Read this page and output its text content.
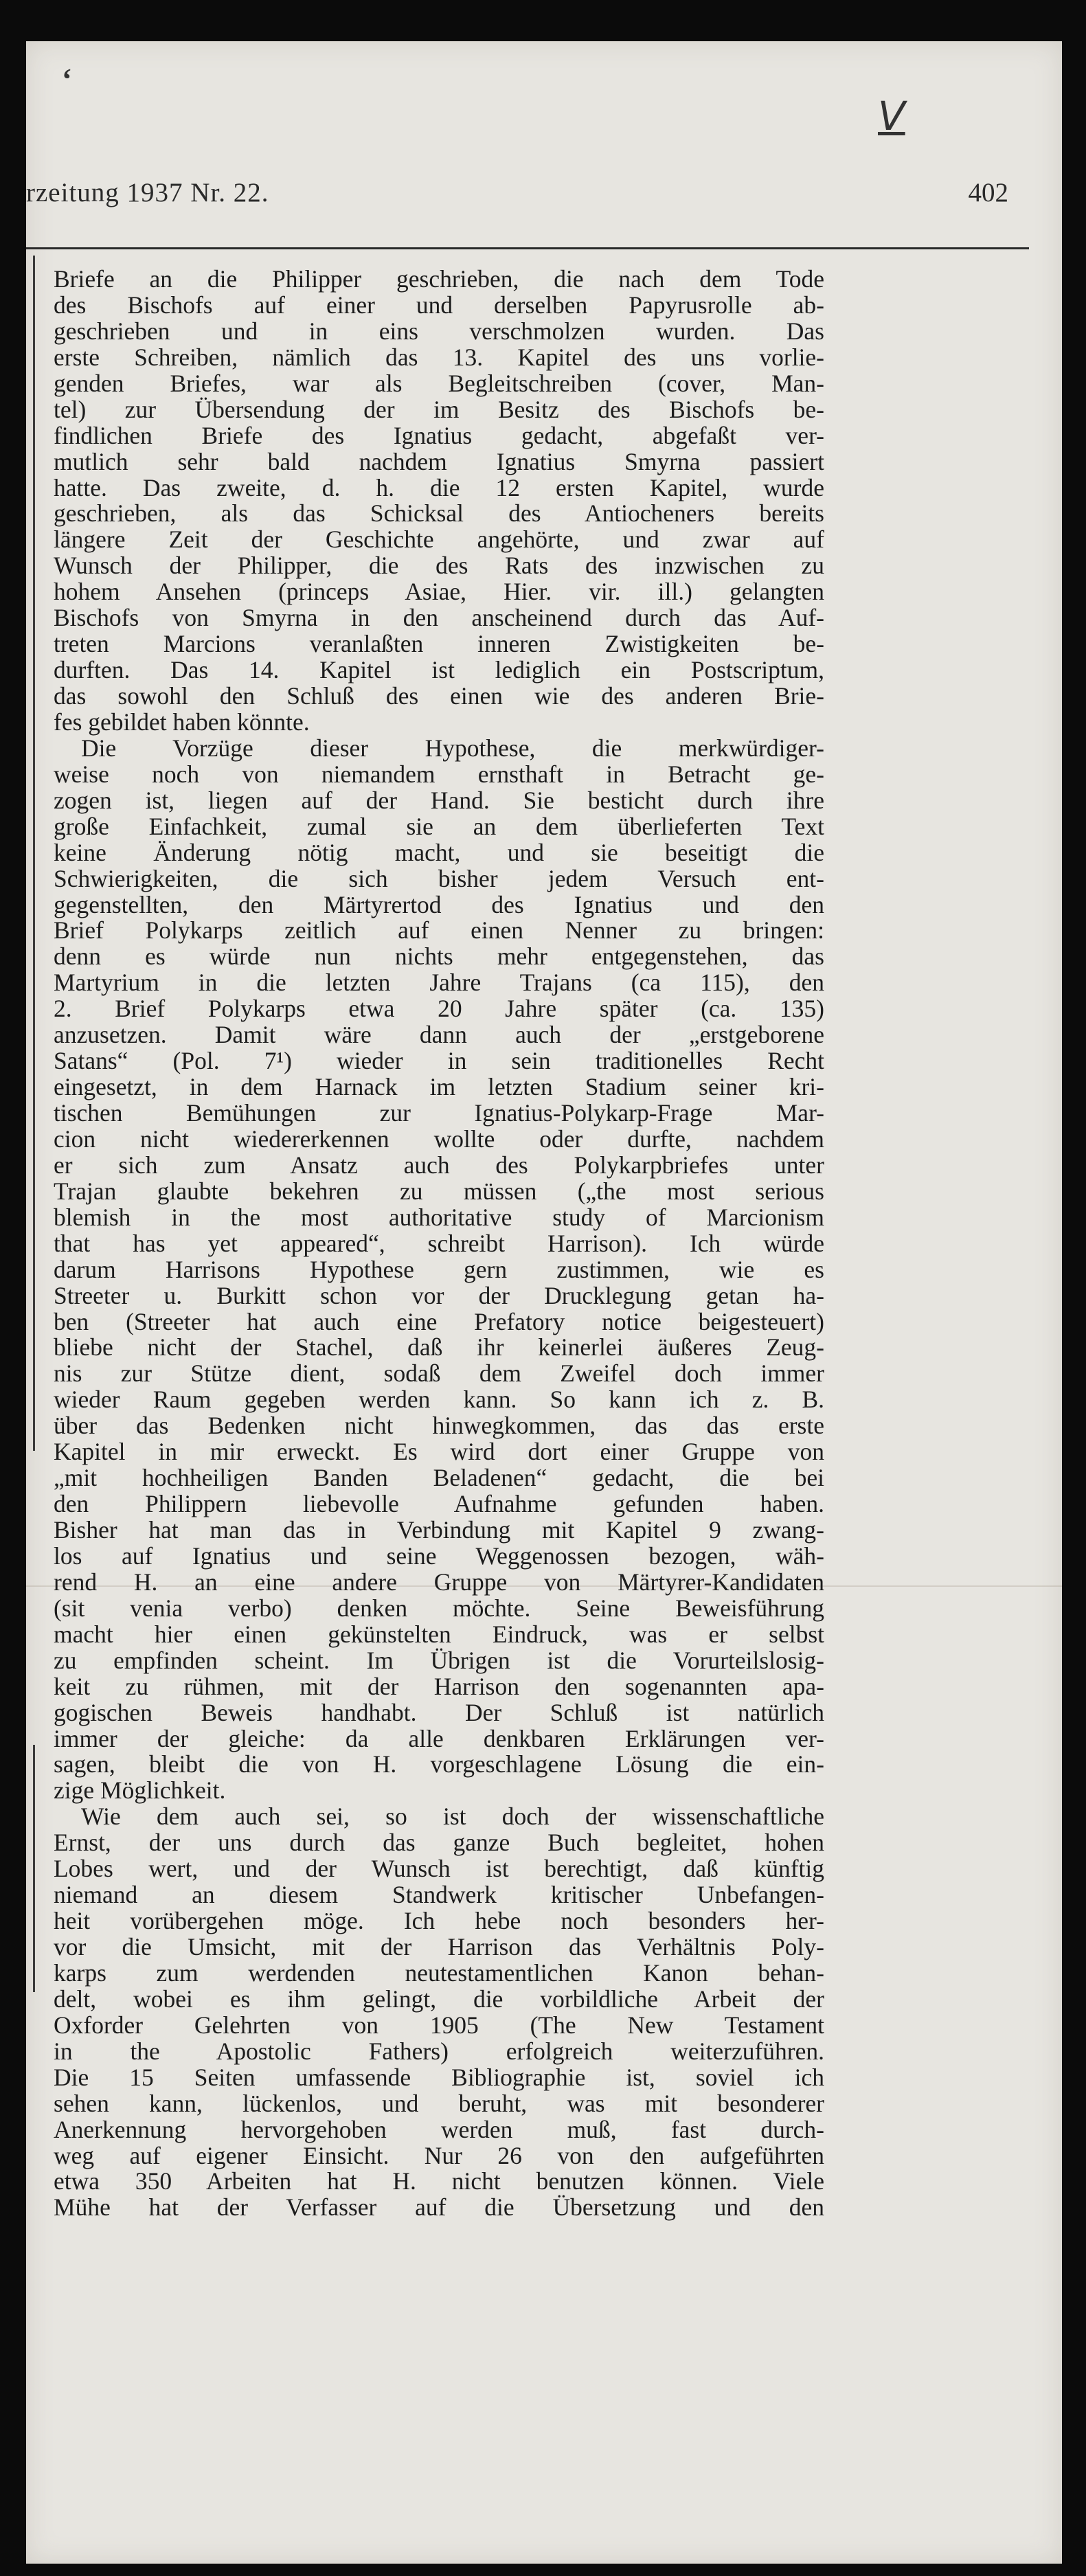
‘
V
rzeitung 1937 Nr. 22.	402
Briefe an die Philipper geschrieben, die nach dem Tode
des Bischofs auf einer und derselben Papyrusrolle ab-
geschrieben und in eins verschmolzen wurden. Das
erste Schreiben, nämlich das 13. Kapitel des uns vorlie-
genden Briefes, war als Begleitschreiben (cover, Man-
tel) zur Übersendung der im Besitz des Bischofs be-
findlichen Briefe des Ignatius gedacht, abgefaßt ver-
mutlich sehr bald nachdem Ignatius Smyrna passiert
hatte. Das zweite, d. h. die 12 ersten Kapitel, wurde
geschrieben, als das Schicksal des Antiocheners bereits
längere Zeit der Geschichte angehörte, und zwar auf
Wunsch der Philipper, die des Rats des inzwischen zu
hohem Ansehen (princeps Asiae, Hier. vir. ill.) gelangten
Bischofs von Smyrna in den anscheinend durch das Auf-
treten Marcions veranlaßten inneren Zwistigkeiten be-
durften. Das 14. Kapitel ist lediglich ein Postscriptum,
das sowohl den Schluß des einen wie des anderen Brie-
fes gebildet haben könnte.
Die Vorzüge dieser Hypothese, die merkwürdiger-
weise noch von niemandem ernsthaft in Betracht ge-
zogen ist, liegen auf der Hand. Sie besticht durch ihre
große Einfachkeit, zumal sie an dem überlieferten Text
keine Änderung nötig macht, und sie beseitigt die
Schwierigkeiten, die sich bisher jedem Versuch ent-
gegenstellten, den Märtyrertod des Ignatius und den
Brief Polykarps zeitlich auf einen Nenner zu bringen:
denn es würde nun nichts mehr entgegenstehen, das
Martyrium in die letzten Jahre Trajans (ca 115), den
2. Brief Polykarps etwa 20 Jahre später (ca. 135)
anzusetzen. Damit wäre dann auch der „erstgeborene
Satans“ (Pol. 7¹) wieder in sein traditionelles Recht
eingesetzt, in dem Harnack im letzten Stadium seiner kri-
tischen Bemühungen zur Ignatius-Polykarp-Frage Mar-
cion nicht wiedererkennen wollte oder durfte, nachdem
er sich zum Ansatz auch des Polykarpbriefes unter
Trajan glaubte bekehren zu müssen („the most serious
blemish in the most authoritative study of Marcionism
that has yet appeared“, schreibt Harrison). Ich würde
darum Harrisons Hypothese gern zustimmen, wie es
Streeter u. Burkitt schon vor der Drucklegung getan ha-
ben (Streeter hat auch eine Prefatory notice beigesteuert)
bliebe nicht der Stachel, daß ihr keinerlei äußeres Zeug-
nis zur Stütze dient, sodaß dem Zweifel doch immer
wieder Raum gegeben werden kann. So kann ich z. B.
über das Bedenken nicht hinwegkommen, das das erste
Kapitel in mir erweckt. Es wird dort einer Gruppe von
„mit hochheiligen Banden Beladenen“ gedacht, die bei
den Philippern liebevolle Aufnahme gefunden haben.
Bisher hat man das in Verbindung mit Kapitel 9 zwang-
los auf Ignatius und seine Weggenossen bezogen, wäh-
rend H. an eine andere Gruppe von Märtyrer-Kandidaten
(sit venia verbo) denken möchte. Seine Beweisführung
macht hier einen gekünstelten Eindruck, was er selbst
zu empfinden scheint. Im Übrigen ist die Vorurteilslosig-
keit zu rühmen, mit der Harrison den sogenannten apa-
gogischen Beweis handhabt. Der Schluß ist natürlich
immer der gleiche: da alle denkbaren Erklärungen ver-
sagen, bleibt die von H. vorgeschlagene Lösung die ein-
zige Möglichkeit.
Wie dem auch sei, so ist doch der wissenschaftliche
Ernst, der uns durch das ganze Buch begleitet, hohen
Lobes wert, und der Wunsch ist berechtigt, daß künftig
niemand an diesem Standwerk kritischer Unbefangen-
heit vorübergehen möge. Ich hebe noch besonders her-
vor die Umsicht, mit der Harrison das Verhältnis Poly-
karps zum werdenden neutestamentlichen Kanon behan-
delt, wobei es ihm gelingt, die vorbildliche Arbeit der
Oxforder Gelehrten von 1905 (The New Testament
in the Apostolic Fathers) erfolgreich weiterzuführen.
Die 15 Seiten umfassende Bibliographie ist, soviel ich
sehen kann, lückenlos, und beruht, was mit besonderer
Anerkennung hervorgehoben werden muß, fast durch-
weg auf eigener Einsicht. Nur 26 von den aufgeführten
etwa 350 Arbeiten hat H. nicht benutzen können. Viele
Mühe hat der Verfasser auf die Übersetzung und den
